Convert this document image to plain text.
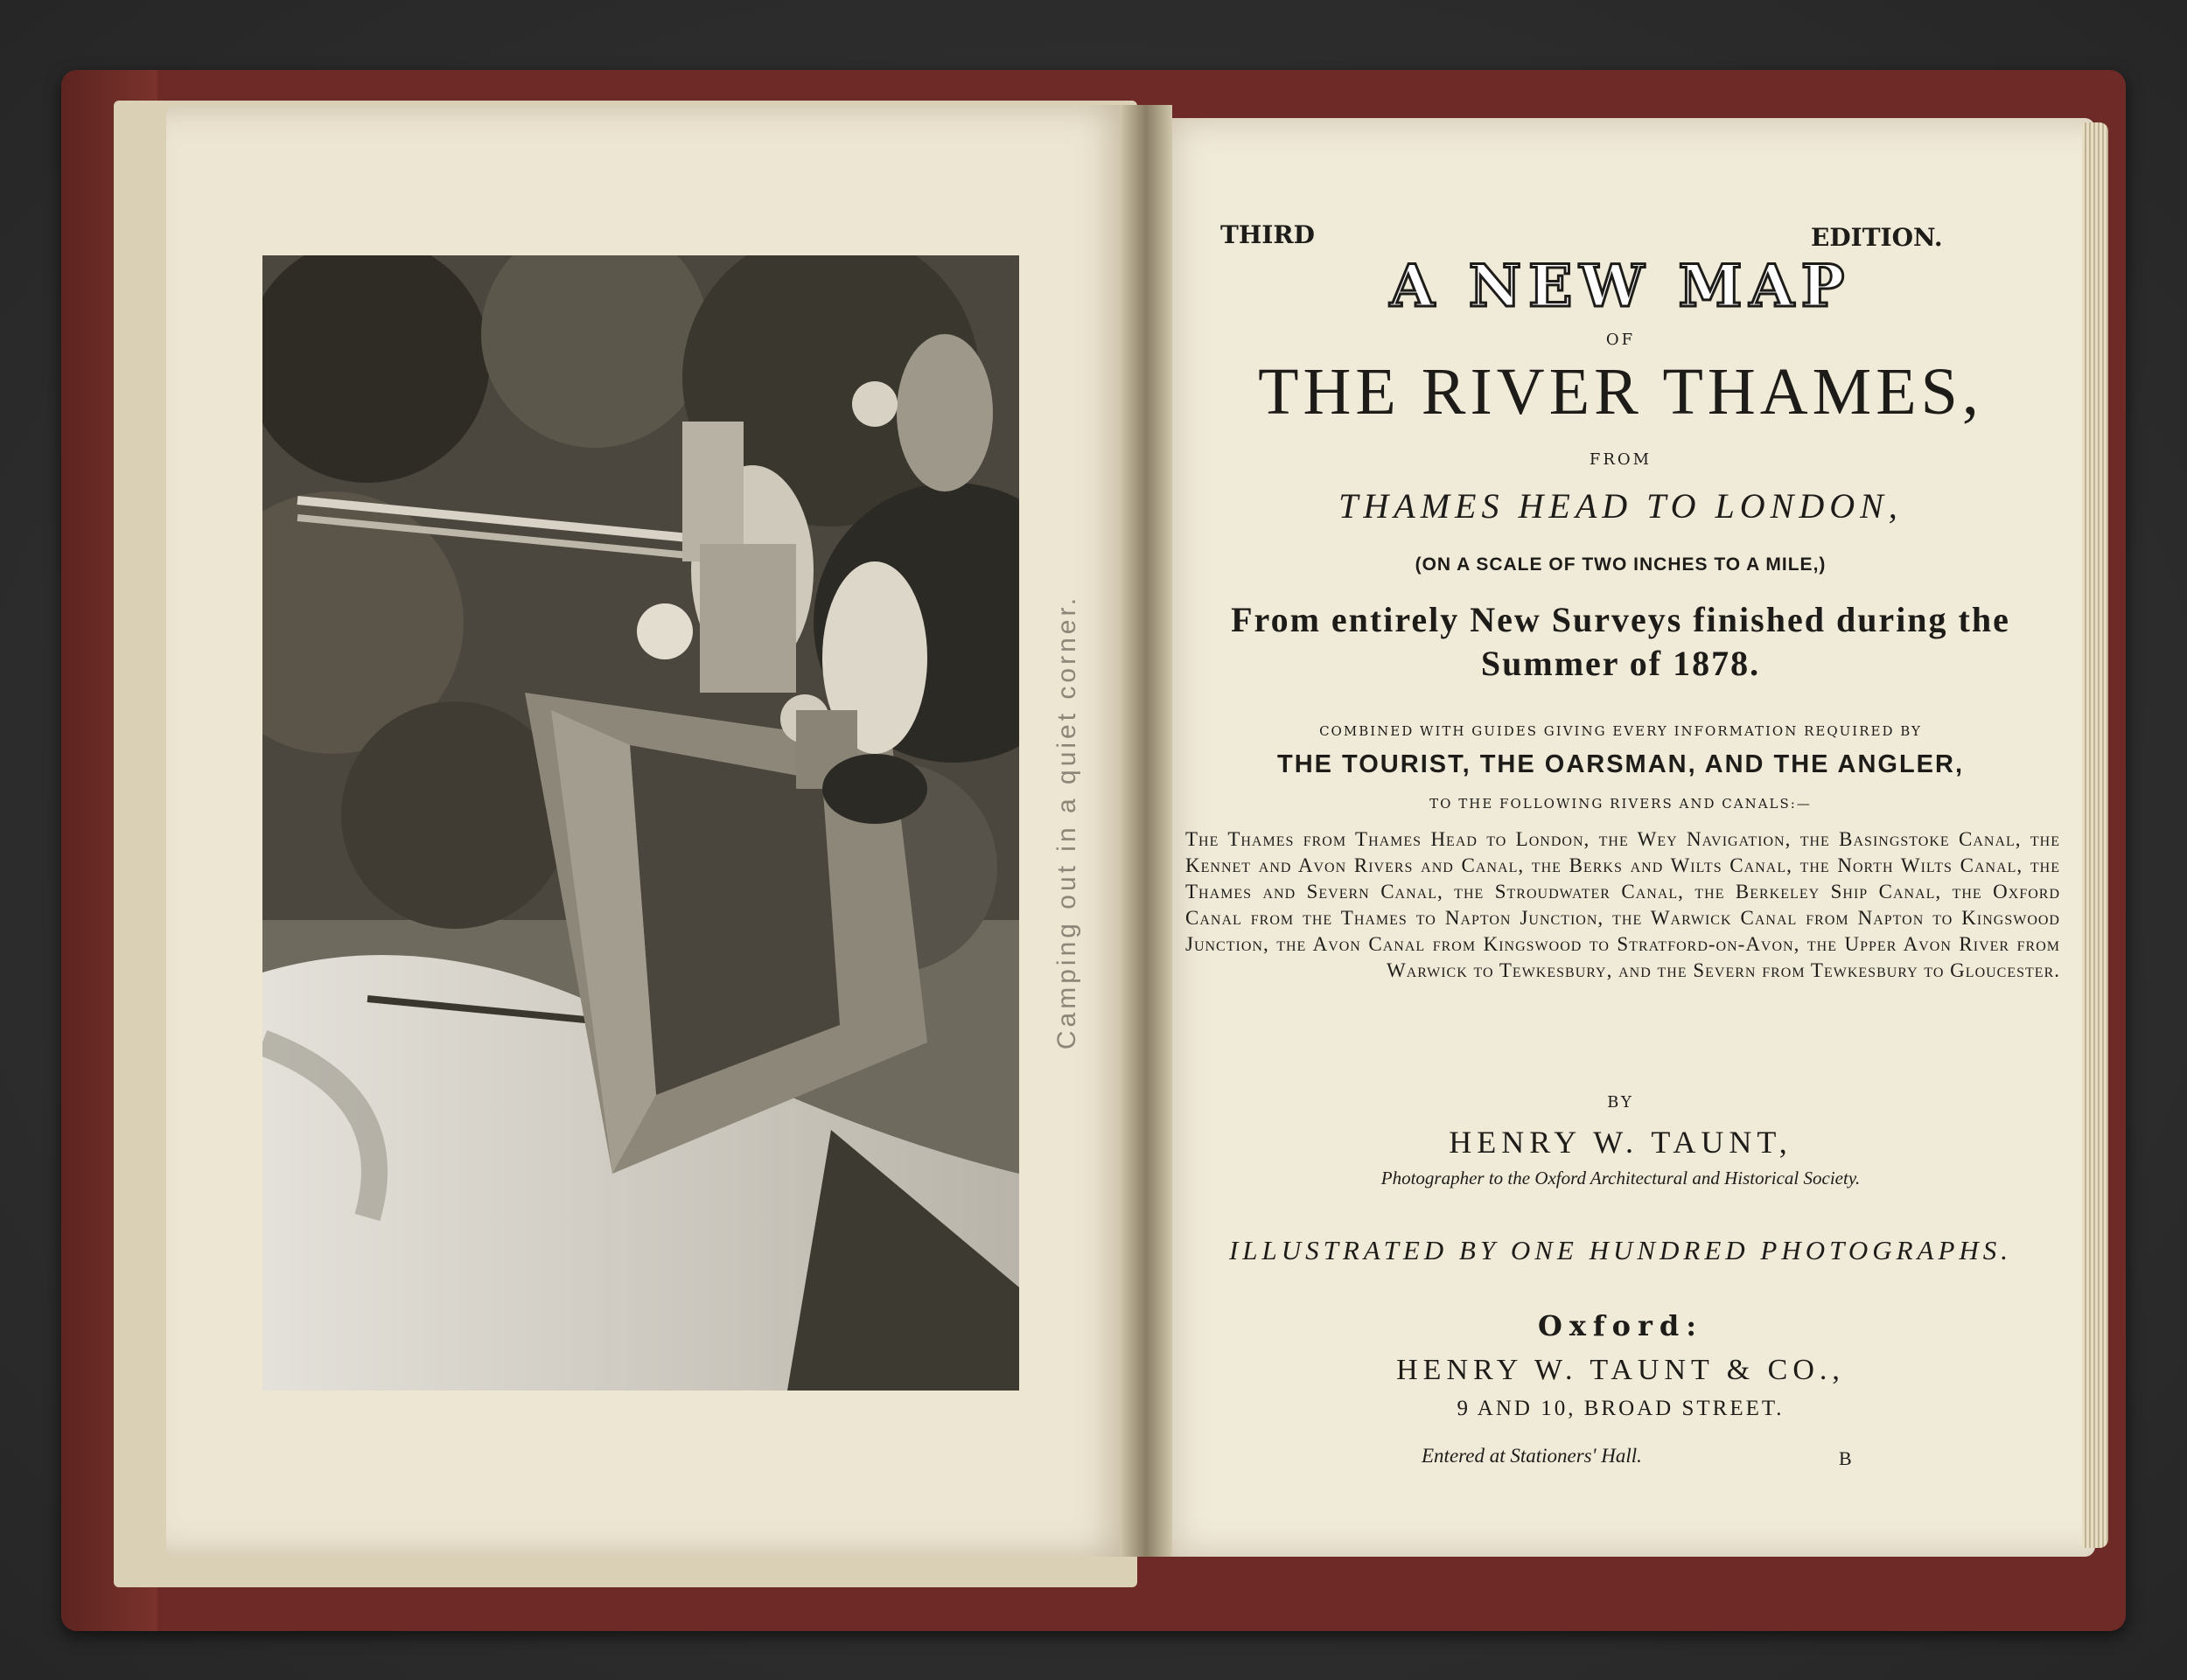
Camping out in a quiet corner.
THIRD	EDITION.
A NEW MAP
OF
THE RIVER THAMES,
FROM
THAMES HEAD TO LONDON,
(ON A SCALE OF TWO INCHES TO A MILE,)
From entirely New Surveys finished during the
Summer of 1878.
COMBINED WITH GUIDES GIVING EVERY INFORMATION REQUIRED BY
THE TOURIST, THE OARSMAN, AND THE ANGLER,
TO THE FOLLOWING RIVERS AND CANALS:—
The Thames from Thames Head to London, the Wey Navigation, the Basingstoke Canal, the Kennet and Avon Rivers and Canal, the Berks and Wilts Canal, the North Wilts Canal, the Thames and Severn Canal, the Stroudwater Canal, the Berkeley Ship Canal, the Oxford Canal from the Thames to Napton Junction, the Warwick Canal from Napton to Kingswood Junction, the Avon Canal from Kingswood to Stratford-on-Avon, the Upper Avon River from Warwick to Tewkesbury, and the Severn from Tewkesbury to Gloucester.
BY
HENRY W. TAUNT,
Photographer to the Oxford Architectural and Historical Society.
ILLUSTRATED BY ONE HUNDRED PHOTOGRAPHS.
Oxford:
HENRY W. TAUNT & CO.,
9 AND 10, BROAD STREET.
Entered at Stationers' Hall.	B
